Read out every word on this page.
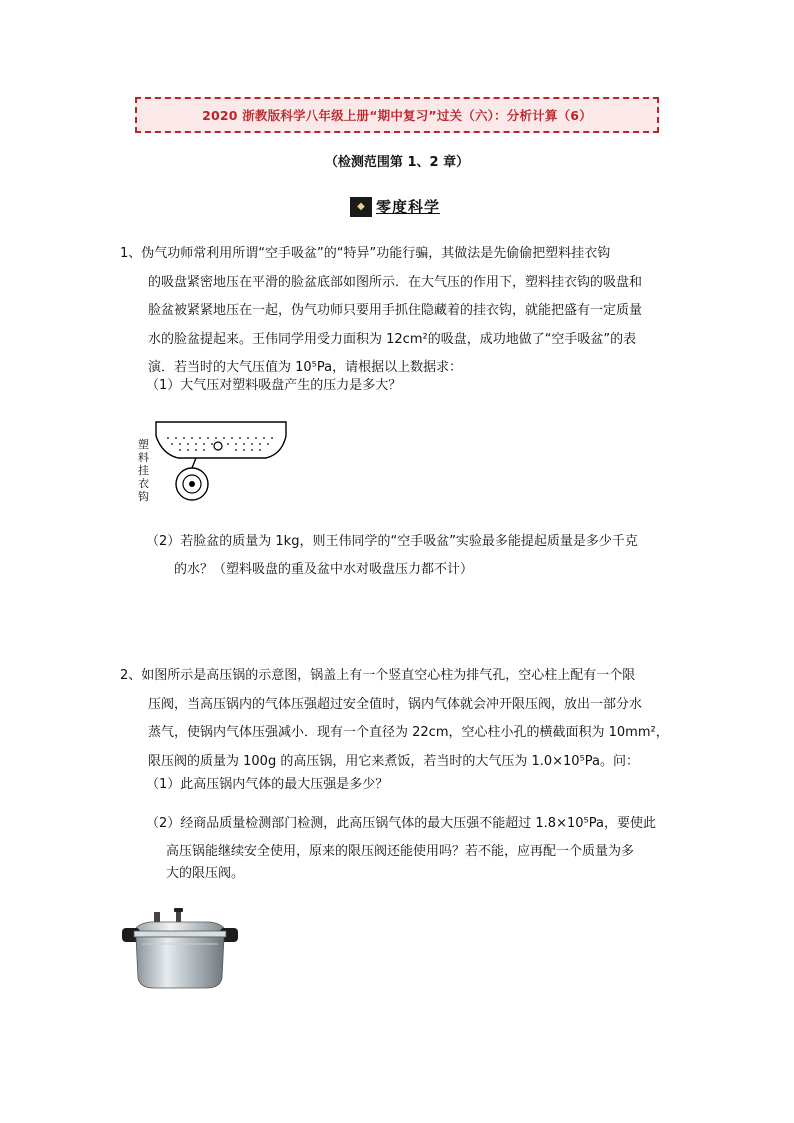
2020 浙教版科学八年级上册“期中复习”过关（六）：分析计算（6）
（检测范围第 1、2 章）
◆ 零度科学
1、伪气功师常利用所谓“空手吸盆”的“特异”功能行骗，其做法是先偷偷把塑料挂衣钩
的吸盘紧密地压在平滑的脸盆底部如图所示．在大气压的作用下，塑料挂衣钩的吸盘和
脸盆被紧紧地压在一起，伪气功师只要用手抓住隐藏着的挂衣钩，就能把盛有一定质量
水的脸盆提起来。王伟同学用受力面积为 12cm²的吸盘，成功地做了“空手吸盆”的表
演．若当时的大气压值为 10⁵Pa，请根据以上数据求：
（1）大气压对塑料吸盘产生的压力是多大？
塑料挂衣钩
（2）若脸盆的质量为 1kg，则王伟同学的“空手吸盆”实验最多能提起质量是多少千克
的水？（塑料吸盘的重及盆中水对吸盘压力都不计）
2、如图所示是高压锅的示意图，锅盖上有一个竖直空心柱为排气孔，空心柱上配有一个限
压阀，当高压锅内的气体压强超过安全值时，锅内气体就会冲开限压阀，放出一部分水
蒸气，使锅内气体压强减小．现有一个直径为 22cm，空心柱小孔的横截面积为 10mm²，
限压阀的质量为 100g 的高压锅，用它来煮饭，若当时的大气压为 1.0×10⁵Pa。问：
（1）此高压锅内气体的最大压强是多少？
（2）经商品质量检测部门检测，此高压锅气体的最大压强不能超过 1.8×10⁵Pa，要使此
高压锅能继续安全使用，原来的限压阀还能使用吗？若不能，应再配一个质量为多
大的限压阀。
